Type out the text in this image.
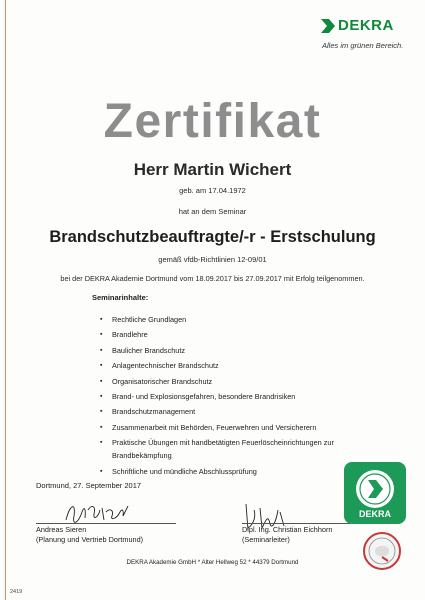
DEKRA
Alles im grünen Bereich.
Zertifikat
Herr Martin Wichert
geb. am 17.04.1972
hat an dem Seminar
Brandschutzbeauftragte/-r - Erstschulung
gemäß vfdb-Richtlinien 12-09/01
bei der DEKRA Akademie Dortmund vom 18.09.2017 bis 27.09.2017 mit Erfolg teilgenommen.
Seminarinhalte:
▪ Rechtliche Grundlagen
▪ Brandlehre
▪ Baulicher Brandschutz
▪ Anlagentechnischer Brandschutz
▪ Organisatorischer Brandschutz
▪ Brand- und Explosionsgefahren, besondere Brandrisiken
▪ Brandschutzmanagement
▪ Zusammenarbeit mit Behörden, Feuerwehren und Versicherern
▪ Praktische Übungen mit handbetätigten Feuerlöscheinrichtungen zur Brandbekämpfung
▪ Schriftliche und mündliche Abschlussprüfung
Dortmund, 27. September 2017
Andreas Sieren
(Planung und Vertrieb Dortmund)
Dipl. Ing. Christian Eichhorn
(Seminarleiter)
DEKRA
DEKRA Akademie GmbH * Alter Hellweg 52 * 44379 Dortmund
2419
